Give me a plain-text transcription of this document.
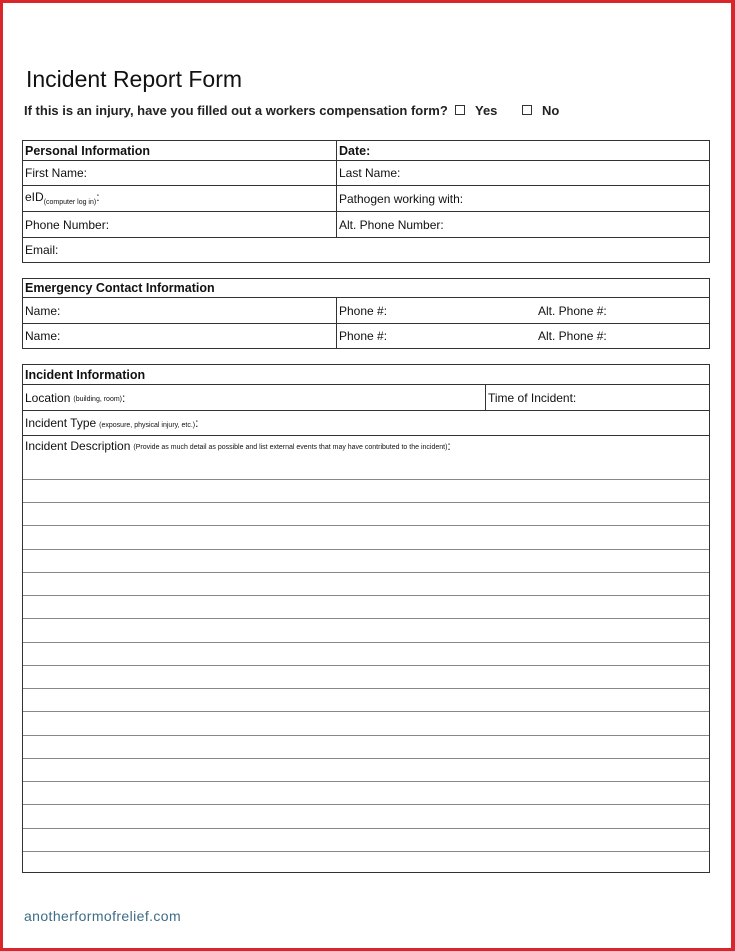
Incident Report Form
If this is an injury, have you filled out a workers compensation form?	Yes	No
Personal Information	Date:
First Name:	Last Name:
eID (computer log in) :	Pathogen working with:
Phone Number:	Alt. Phone Number:
Email:
Emergency Contact Information
Name:	Phone #:	Alt. Phone #:
Name:	Phone #:	Alt. Phone #:
Incident Information
Location (building, room) :	Time of Incident:
Incident Type (exposure, physical injury, etc.) :
Incident Description (Provide as much detail as possible and list external events that may have contributed to the incident) :
anotherformofrelief.com
